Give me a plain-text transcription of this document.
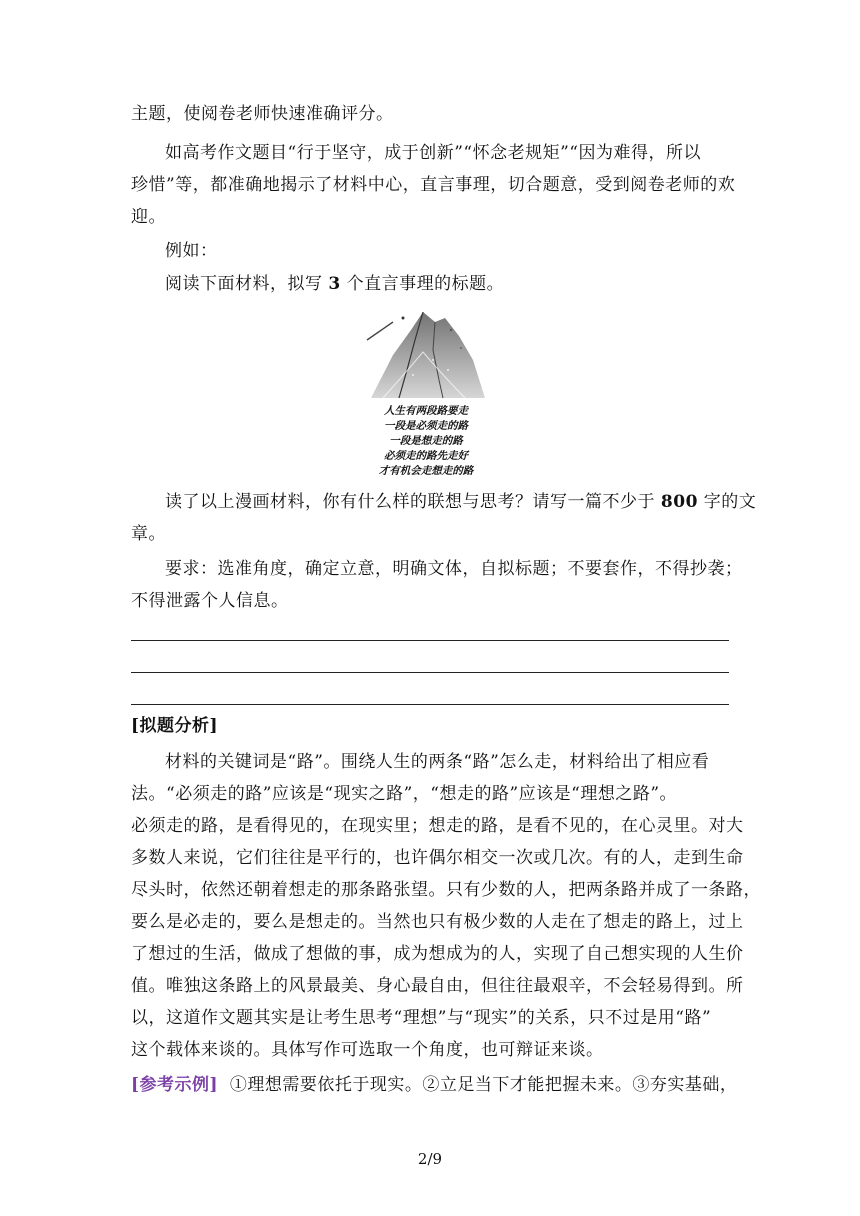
主题，使阅卷老师快速准确评分。
如高考作文题目“行于坚守，成于创新”“怀念老规矩”“因为难得，所以
珍惜”等，都准确地揭示了材料中心，直言事理，切合题意，受到阅卷老师的欢
迎。
例如：
阅读下面材料，拟写 3 个直言事理的标题。
人生有两段路要走
一段是必须走的路
一段是想走的路
必须走的路先走好
才有机会走想走的路
读了以上漫画材料，你有什么样的联想与思考？请写一篇不少于 800 字的文
章。
要求：选准角度，确定立意，明确文体，自拟标题；不要套作，不得抄袭；
不得泄露个人信息。
[拟题分析]
材料的关键词是“路”。围绕人生的两条“路”怎么走，材料给出了相应看
法。“必须走的路”应该是“现实之路”，“想走的路”应该是“理想之路”。
必须走的路，是看得见的，在现实里；想走的路，是看不见的，在心灵里。对大
多数人来说，它们往往是平行的，也许偶尔相交一次或几次。有的人，走到生命
尽头时，依然还朝着想走的那条路张望。只有少数的人，把两条路并成了一条路，
要么是必走的，要么是想走的。当然也只有极少数的人走在了想走的路上，过上
了想过的生活，做成了想做的事，成为想成为的人，实现了自己想实现的人生价
值。唯独这条路上的风景最美、身心最自由，但往往最艰辛，不会轻易得到。所
以，这道作文题其实是让考生思考“理想”与“现实”的关系，只不过是用“路”
这个载体来谈的。具体写作可选取一个角度，也可辩证来谈。
[参考示例] ①理想需要依托于现实。②立足当下才能把握未来。③夯实基础，
2/9
